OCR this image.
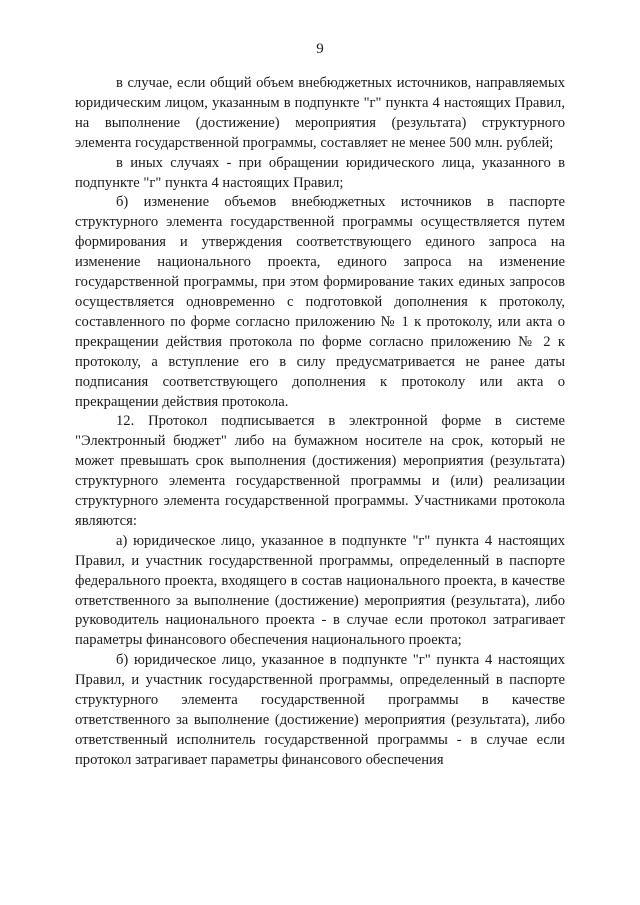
9

в случае, если общий объем внебюджетных источников, направляемых юридическим лицом, указанным в подпункте "г" пункта 4 настоящих Правил, на выполнение (достижение) мероприятия (результата) структурного элемента государственной программы, составляет не менее 500 млн. рублей;

в иных случаях - при обращении юридического лица, указанного в подпункте "г" пункта 4 настоящих Правил;

б) изменение объемов внебюджетных источников в паспорте структурного элемента государственной программы осуществляется путем формирования и утверждения соответствующего единого запроса на изменение национального проекта, единого запроса на изменение государственной программы, при этом формирование таких единых запросов осуществляется одновременно с подготовкой дополнения к протоколу, составленного по форме согласно приложению № 1 к протоколу, или акта о прекращении действия протокола по форме согласно приложению № 2 к протоколу, а вступление его в силу предусматривается не ранее даты подписания соответствующего дополнения к протоколу или акта о прекращении действия протокола.

12. Протокол подписывается в электронной форме в системе "Электронный бюджет" либо на бумажном носителе на срок, который не может превышать срок выполнения (достижения) мероприятия (результата) структурного элемента государственной программы и (или) реализации структурного элемента государственной программы. Участниками протокола являются:

а) юридическое лицо, указанное в подпункте "г" пункта 4 настоящих Правил, и участник государственной программы, определенный в паспорте федерального проекта, входящего в состав национального проекта, в качестве ответственного за выполнение (достижение) мероприятия (результата), либо руководитель национального проекта - в случае если протокол затрагивает параметры финансового обеспечения национального проекта;

б) юридическое лицо, указанное в подпункте "г" пункта 4 настоящих Правил, и участник государственной программы, определенный в паспорте структурного элемента государственной программы в качестве ответственного за выполнение (достижение) мероприятия (результата), либо ответственный исполнитель государственной программы - в случае если протокол затрагивает параметры финансового обеспечения
